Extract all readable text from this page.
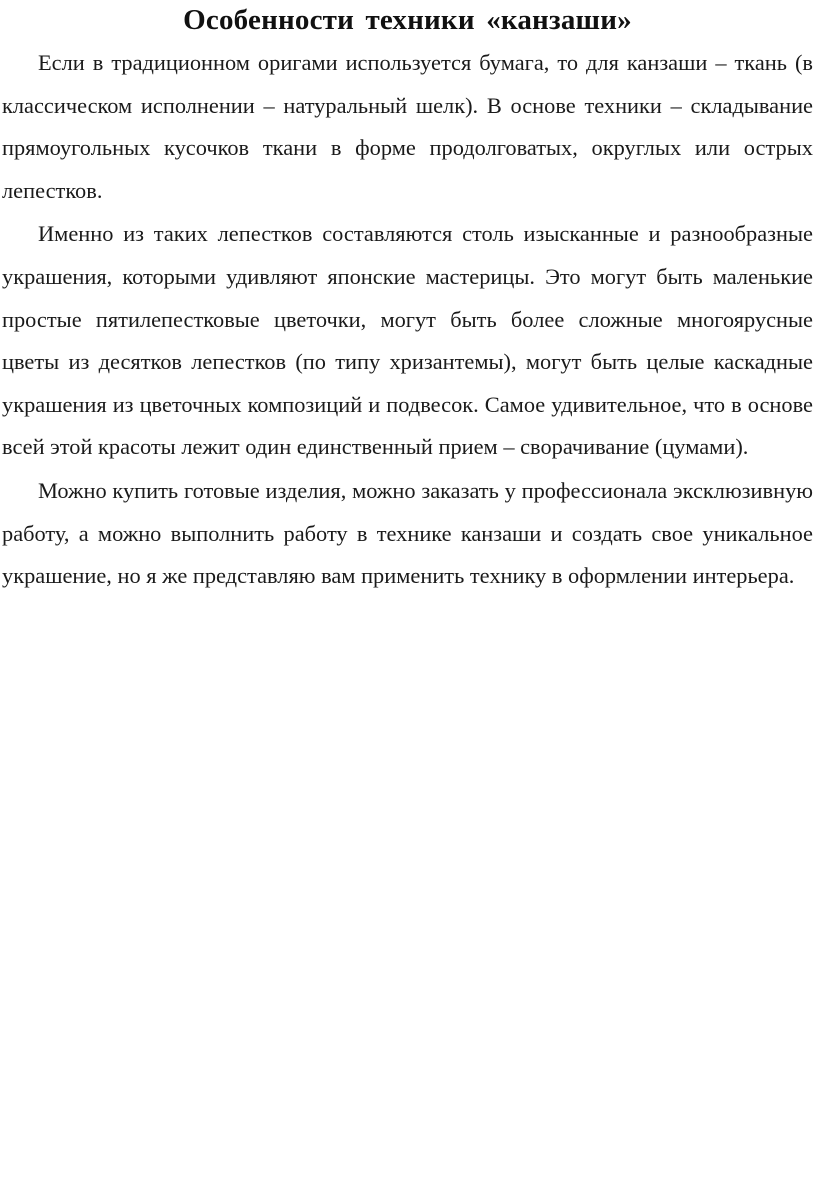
Особенности техники «канзаши»

Если в традиционном оригами используется бумага, то для канзаши – ткань (в классическом исполнении – натуральный шелк). В основе техники – складывание прямоугольных кусочков ткани в форме продолговатых, округлых или острых лепестков.

Именно из таких лепестков составляются столь изысканные и разнообразные украшения, которыми удивляют японские мастерицы. Это могут быть маленькие простые пятилепестковые цветочки, могут быть более сложные многоярусные цветы из десятков лепестков (по типу хризантемы), могут быть целые каскадные украшения из цветочных композиций и подвесок. Самое удивительное, что в основе всей этой красоты лежит один единственный прием – сворачивание (цумами).

Можно купить готовые изделия, можно заказать у профессионала эксклюзивную работу, а можно выполнить работу в технике канзаши и создать свое уникальное украшение, но я же представляю вам применить технику в оформлении интерьера.
